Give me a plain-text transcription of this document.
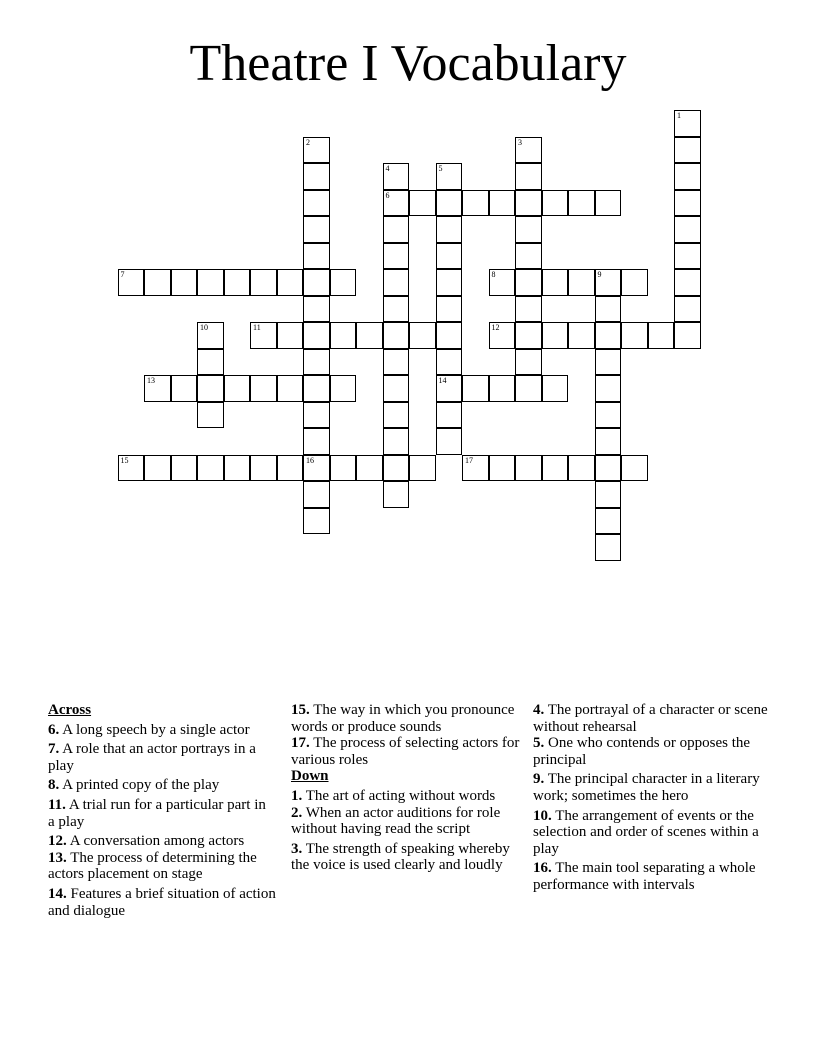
Theatre I Vocabulary
1
2
16
3
4
6
5
14
7	8	9
10	11	12
13
15	17

Across

6. A long speech by a single actor

7. A role that an actor portrays in a play

8. A printed copy of the play

11. A trial run for a particular part in a play

12. A conversation among actors

13. The process of determining the actors placement on stage

14. Features a brief situation of action and dialogue

15. The way in which you pronounce words or produce sounds

17. The process of selecting actors for various roles

Down

1. The art of acting without words

2. When an actor auditions for role without having read the script

3. The strength of speaking whereby the voice is used clearly and loudly

4. The portrayal of a character or scene without rehearsal

5. One who contends or opposes the principal

9. The principal character in a literary work; sometimes the hero

10. The arrangement of events or the selection and order of scenes within a play

16. The main tool separating a whole performance with intervals
